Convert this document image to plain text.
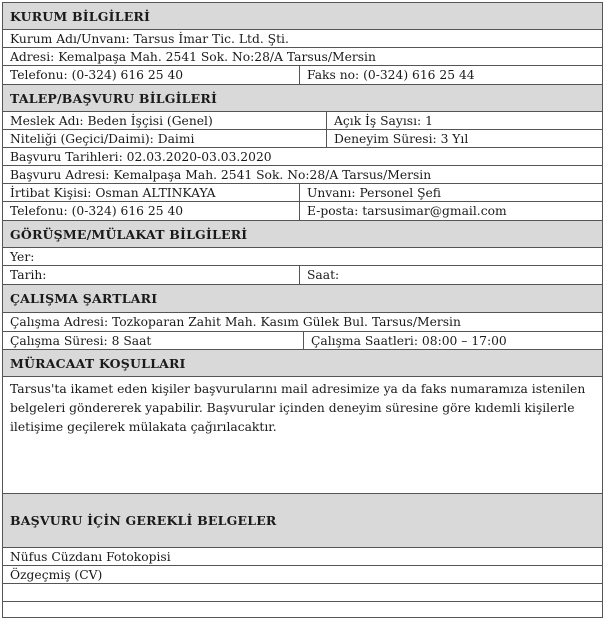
KURUM BİLGİLERİ
Kurum Adı/Unvanı: Tarsus İmar Tic. Ltd. Şti.
Adresi: Kemalpaşa Mah. 2541 Sok. No:28/A Tarsus/Mersin
Telefonu: (0-324) 616 25 40	Faks no: (0-324) 616 25 44
TALEP/BAŞVURU BİLGİLERİ
Meslek Adı: Beden İşçisi (Genel)	Açık İş Sayısı: 1
Niteliği (Geçici/Daimi): Daimi	Deneyim Süresi: 3 Yıl
Başvuru Tarihleri: 02.03.2020-03.03.2020
Başvuru Adresi: Kemalpaşa Mah. 2541 Sok. No:28/A Tarsus/Mersin
İrtibat Kişisi: Osman ALTINKAYA	Unvanı: Personel Şefi
Telefonu: (0-324) 616 25 40	E-posta: tarsusimar@gmail.com
GÖRÜŞME/MÜLAKAT BİLGİLERİ
Yer:
Tarih:	Saat:
ÇALIŞMA ŞARTLARI
Çalışma Adresi: Tozkoparan Zahit Mah. Kasım Gülek Bul. Tarsus/Mersin
Çalışma Süresi: 8 Saat	Çalışma Saatleri: 08:00 – 17:00
MÜRACAAT KOŞULLARI
Tarsus'ta ikamet eden kişiler başvurularını mail adresimize ya da faks numaramıza istenilen belgeleri göndererek yapabilir. Başvurular içinden deneyim süresine göre kıdemli kişilerle iletişime geçilerek mülakata çağırılacaktır.
BAŞVURU İÇİN GEREKLİ BELGELER
Nüfus Cüzdanı Fotokopisi
Özgeçmiş (CV)
